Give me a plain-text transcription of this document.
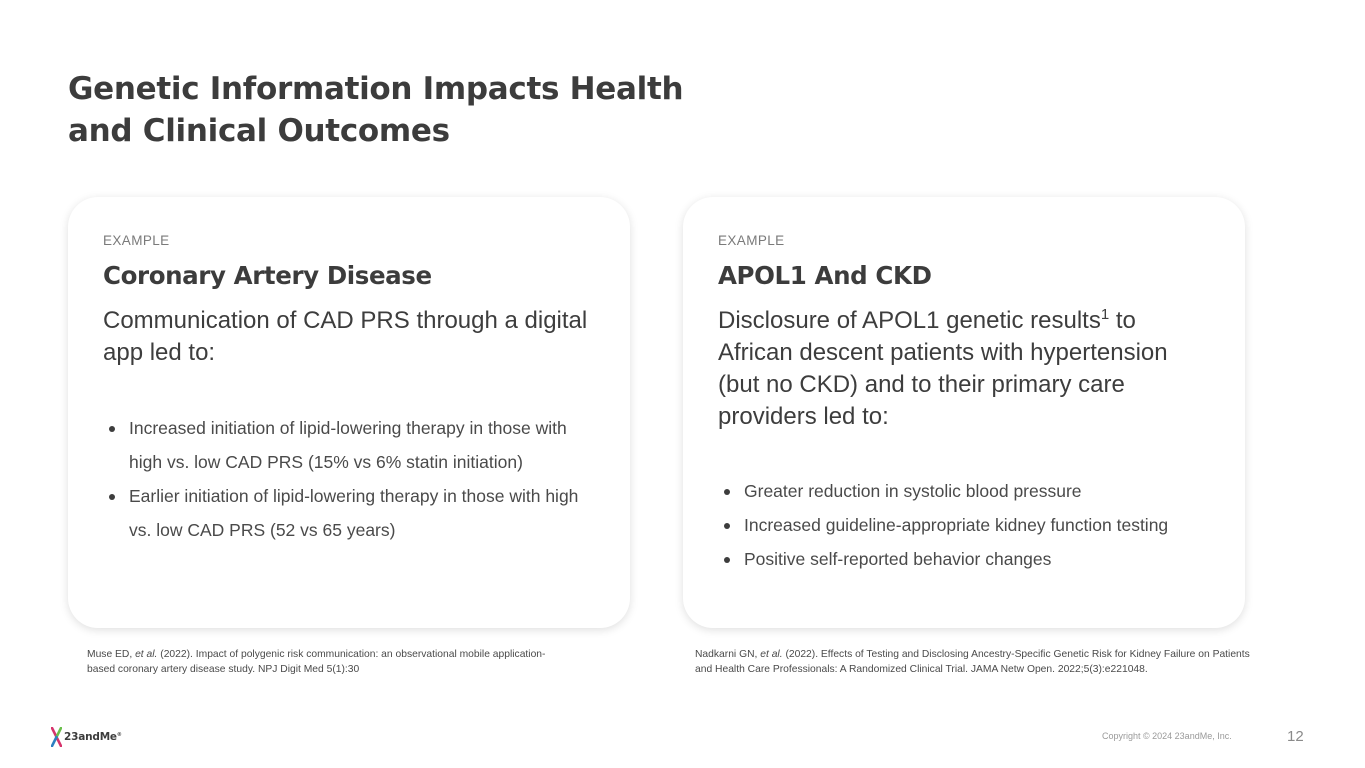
Genetic Information Impacts Health and Clinical Outcomes
EXAMPLE
Coronary Artery Disease

Communication of CAD PRS through a digital app led to:

Increased initiation of lipid-lowering therapy in those with high vs. low CAD PRS (15% vs 6% statin initiation)
Earlier initiation of lipid-lowering therapy in those with high vs. low CAD PRS (52 vs 65 years)
EXAMPLE
APOL1 And CKD

Disclosure of APOL1 genetic results$^1$ to African descent patients with hypertension (but no CKD) and to their primary care providers led to:

Greater reduction in systolic blood pressure
Increased guideline-appropriate kidney function testing
Positive self-reported behavior changes

Muse ED, et al. (2022). Impact of polygenic risk communication: an observational mobile application-based coronary artery disease study. NPJ Digit Med 5(1):30

Nadkarni GN, et al. (2022). Effects of Testing and Disclosing Ancestry-Specific Genetic Risk for Kidney Failure on Patients and Health Care Professionals: A Randomized Clinical Trial. JAMA Netw Open. 2022;5(3):e221048.

23andMe®	Copyright © 2024 23andMe, Inc.	12
